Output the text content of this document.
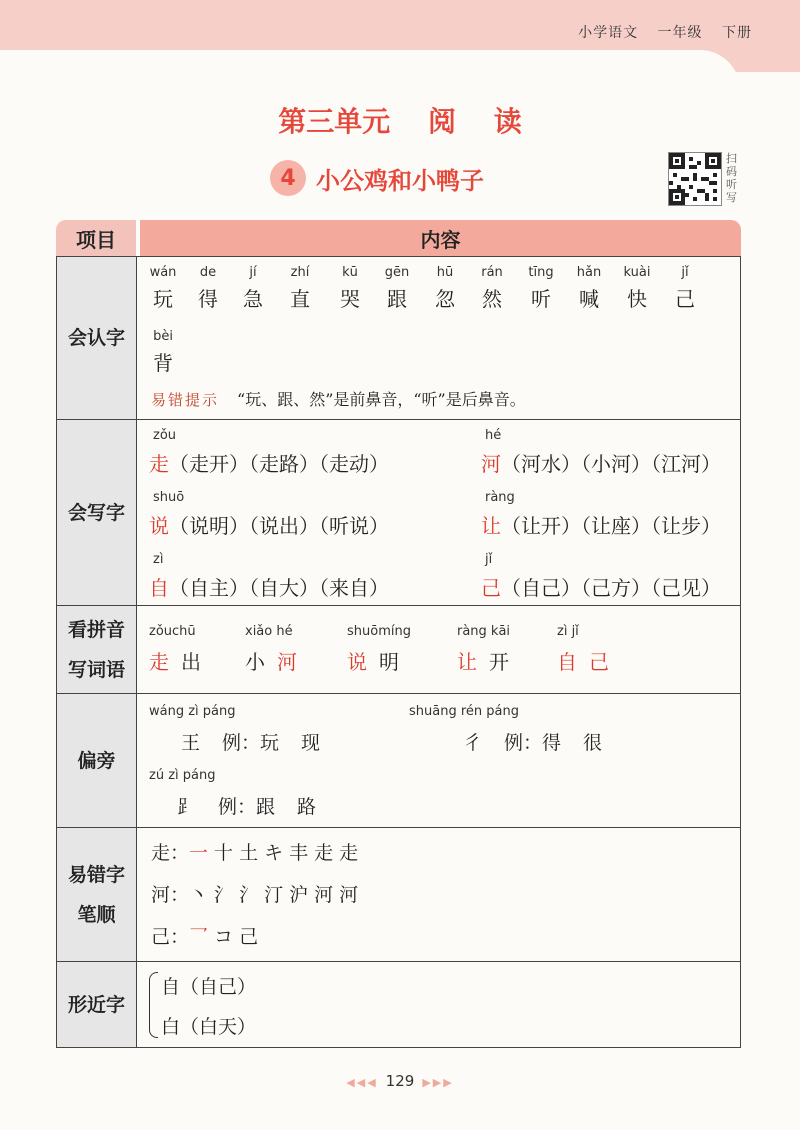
小学语文 一年级 下册
第三单元 阅 读
4 小公鸡和小鸭子
扫码听写
项目	内容
会认字
wán
玩
de
得
jí
急
zhí
直
kū
哭
gēn
跟
hū
忽
rán
然
tīng
听
hǎn
喊
kuài
快
jǐ
己
bèi
背
易错提示 “玩、跟、然”是前鼻音，“听”是后鼻音。
会写字
zǒu
走（走开）（走路）（走动）
hé
河（河水）（小河）（江河）
shuō
说（说明）（说出）（听说）
ràng
让（让开）（让座）（让步）
zì
自（自主）（自大）（来自）
jǐ
己（自己）（己方）（己见）
看拼音
写词语
zǒuchū
走出
xiǎo hé
小河
shuōmíng
说明
ràng kāi
让开
zì jǐ
自己
偏旁
wáng zì páng
王 例：玩 现
shuāng rén páng
彳 例：得 很
zú zì páng
⻊ 例：跟 路
易错字
笔顺
走：一 十 土 キ 丰 走 走
河：丶 氵 氵 汀 沪 河 河
己：乛 コ 己
形近字
自（自己）
白（白天）
◀◀◀ 129 ▶▶▶
